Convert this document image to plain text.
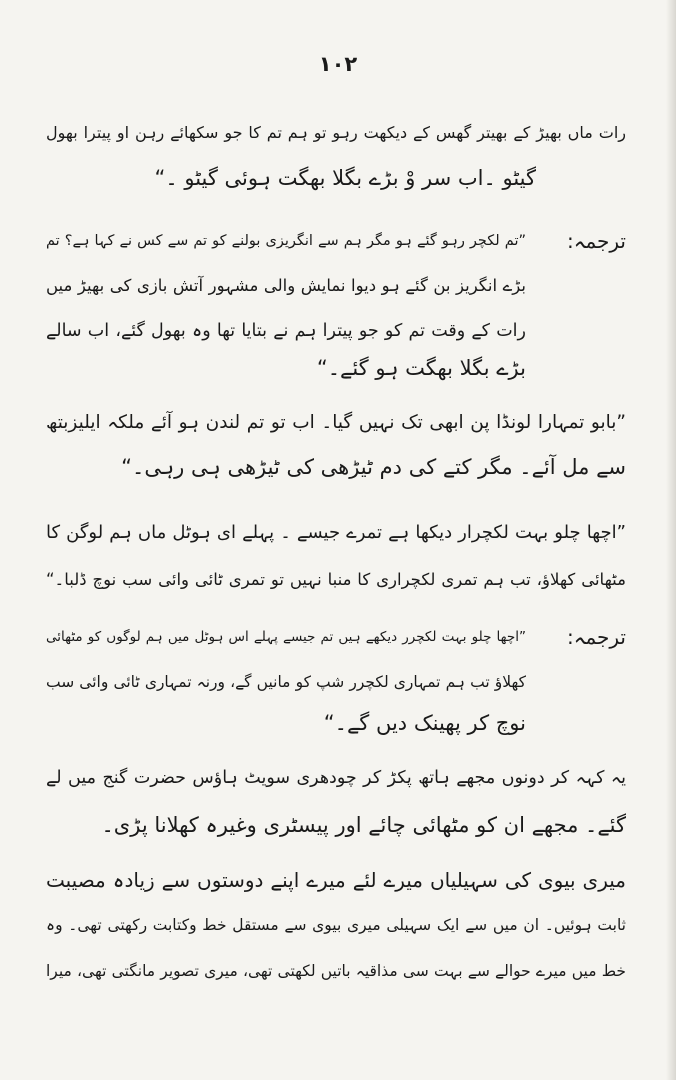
۱۰۲
رات ماں بھیڑ کے بھیتر گھس کے دیکھت رہو تو ہم تم کا جو سکھائے رہن او پیترا بھول
گیٹو ۔اب سر وْ بڑے بگلا بھگت ہوئی گیٹو ۔“
ترجمہ:
”تم لکچر رہو گئے ہو مگر ہم سے انگریزی بولنے کو تم سے کس نے کہا ہے؟ تم
بڑے انگریز بن گئے ہو دیوا نمایش والی مشہور آتش بازی کی بھیڑ میں
رات کے وقت تم کو جو پیترا ہم نے بتایا تھا وہ بھول گئے، اب سالے
بڑے بگلا بھگت ہو گئے۔“
”بابو تمہارا لونڈا پن ابھی تک نہیں گیا۔ اب تو تم لندن ہو آئے ملکہ ایلیزبتھ
سے مل آئے۔ مگر کتے کی دم ٹیڑھی کی ٹیڑھی ہی رہی۔“
”اچھا چلو بہت لکچرار دیکھا ہے تمرے جیسے ۔ پہلے ای ہوٹل ماں ہم لوگن کا
مٹھائی کھلاؤ، تب ہم تمری لکچراری کا منبا نہیں تو تمری ٹائی وائی سب نوچ ڈلبا۔“
ترجمہ:
”اچھا چلو بہت لکچرر دیکھے ہیں تم جیسے پہلے اس ہوٹل میں ہم لوگوں کو مٹھائی
کھلاؤ تب ہم تمہاری لکچرر شپ کو مانیں گے، ورنہ تمہاری ٹائی وائی سب
نوچ کر پھینک دیں گے۔“
یہ کہہ کر دونوں مجھے ہاتھ پکڑ کر چودھری سویٹ ہاؤس حضرت گنج میں لے
گئے۔ مجھے ان کو مٹھائی چائے اور پیسٹری وغیرہ کھلانا پڑی۔
میری بیوی کی سہیلیاں میرے لئے میرے اپنے دوستوں سے زیادہ مصیبت
ثابت ہوئیں۔ ان میں سے ایک سہیلی میری بیوی سے مستقل خط وکتابت رکھتی تھی۔ وہ
خط میں میرے حوالے سے بہت سی مذاقیہ باتیں لکھتی تھی، میری تصویر مانگتی تھی، میرا
